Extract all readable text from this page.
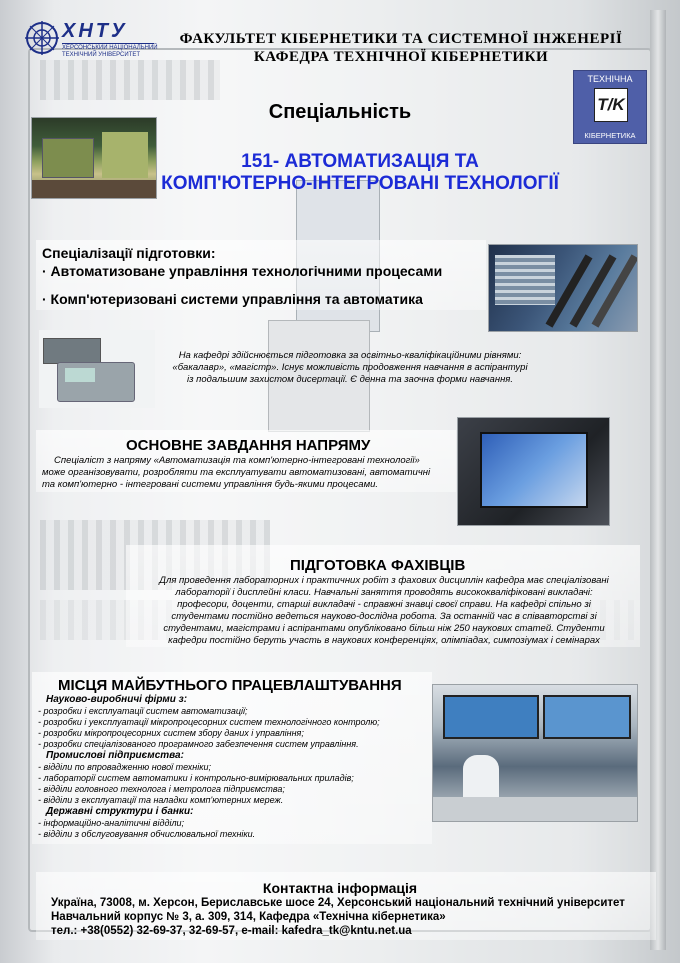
ХНТУ
ХЕРСОНСЬКИЙ НАЦІОНАЛЬНИЙ
ТЕХНІЧНИЙ УНІВЕРСИТЕТ
ФАКУЛЬТЕТ КІБЕРНЕТИКИ ТА СИСТЕМНОЇ ІНЖЕНЕРІЇ
КАФЕДРА ТЕХНІЧНОЇ КІБЕРНЕТИКИ
ТЕХНІЧНА
T/K
КІБЕРНЕТИКА
Спеціальність
151- АВТОМАТИЗАЦІЯ ТА
КОМП'ЮТЕРНО-ІНТЕГРОВАНІ ТЕХНОЛОГІЇ
Спеціалізації підготовки:
· Автоматизоване управління технологічними процесами
· Комп'ютеризовані системи управління та автоматика
На кафедрі здійснюється підготовка за освітньо-кваліфікаційними рівнями:
«бакалавр», «магістр». Існує можливість продовження навчання в аспірантурі
із подальшим захистом дисертації. Є денна та заочна форми навчання.
ОСНОВНЕ ЗАВДАННЯ НАПРЯМУ
Спеціаліст з напряму «Автоматизація та комп'ютерно-інтегровані технології»
може організовувати, розробляти та експлуатувати автоматизовані, автоматичні
та комп'ютерно - інтегровані системи управління будь-якими процесами.
ПІДГОТОВКА ФАХІВЦІВ
Для проведення лабораторних і практичних робіт з фахових дисциплін кафедра має спеціалізовані
лабораторії і дисплейні класи. Навчальні заняття проводять висококваліфіковані викладачі:
професори, доценти, старші викладачі - справжні знавці своєї справи. На кафедрі спільно зі
студентами постійно ведеться науково-дослідна робота. За останній час в співавторстві зі
студентами, магістрами і аспірантами опубліковано більш ніж 250 наукових статей. Студенти
кафедри постійно беруть участь в наукових конференціях, олімпіадах, симпозіумах і семінарах
МІСЦЯ МАЙБУТНЬОГО ПРАЦЕВЛАШТУВАННЯ
Науково-виробничі фірми з:
- розробки і експлуатації систем автоматизації;
- розробки і уексплуатації мікропроцесорних систем технологічного контролю;
- розробки мікропроцесорних систем збору даних і управління;
- розробки спеціалізованого програмного забезпечення систем управління.
Промислові підприємства:
- відділи по впровадженню нової техніки;
- лабораторії систем автоматики і контрольно-вимірювальних приладів;
- відділи головного технолога і метролога підприємства;
- відділи з експлуатації та наладки комп'ютерних мереж.
Державні структури і банки:
- інформаційно-аналітичні відділи;
- відділи з обслуговування обчислювальної техніки.
Контактна інформація
Україна, 73008, м. Херсон, Бериславське шосе 24, Херсонський національний технічний університет
Навчальний корпус № 3, а. 309, 314, Кафедра «Технічна кібернетика»
тел.: +38(0552) 32-69-37, 32-69-57, e-mail: kafedra_tk@kntu.net.ua
